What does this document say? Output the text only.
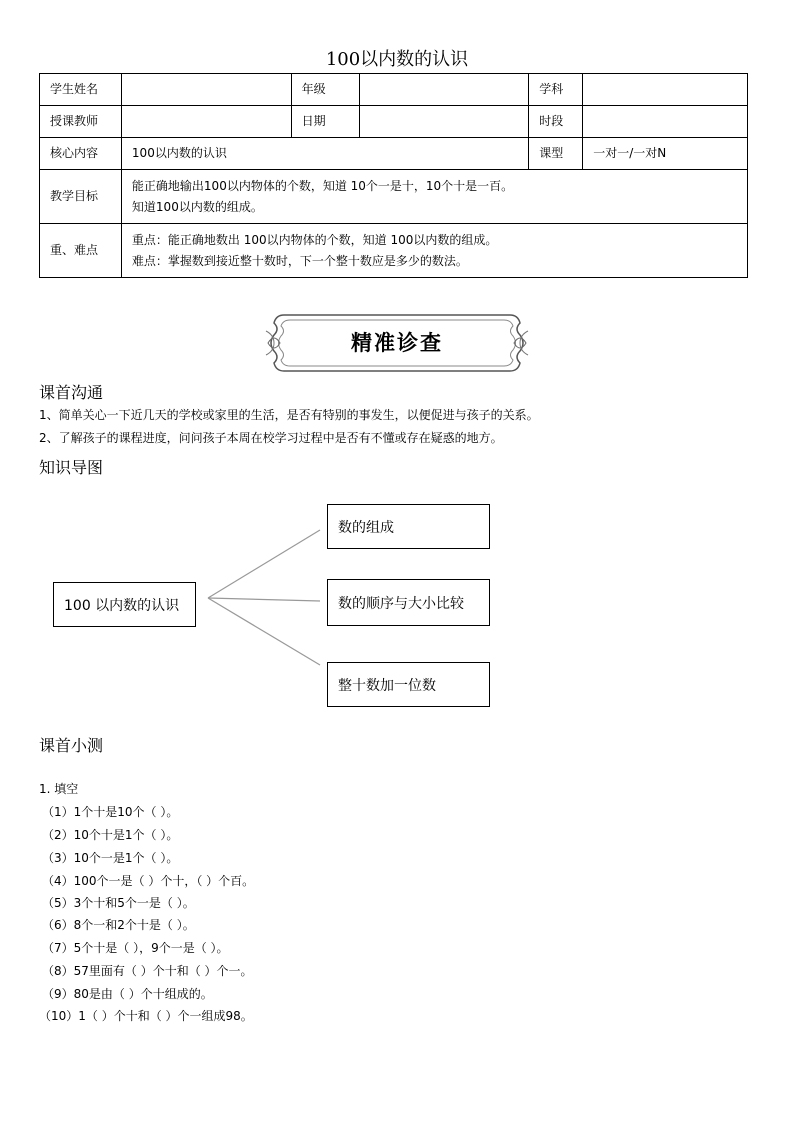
100以内数的认识
学生姓名		年级		学科	
授课教师		日期		时段	
核心内容	100以内数的认识			课型	一对一/一对N
教学目标	能正确地输出100以内物体的个数，知道 10个一是十，10个十是一百。
知道100以内数的组成。				

重、难点	重点：能正确地数出 100以内物体的个数，知道 100以内数的组成。
难点：掌握数到接近整十数时，下一个整十数应是多少的数法。				
精准诊查
课首沟通
1、简单关心一下近几天的学校或家里的生活，是否有特别的事发生，以便促进与孩子的关系。
2、了解孩子的课程进度，问问孩子本周在校学习过程中是否有不懂或存在疑惑的地方。
知识导图
100 以内数的认识
数的组成
数的顺序与大小比较
整十数加一位数
课首小测
1. 填空
（1）1个十是10个（ ）。
（2）10个十是1个（ ）。
（3）10个一是1个（ ）。
（4）100个一是（ ）个十，（ ）个百。
（5）3个十和5个一是（ ）。
（6）8个一和2个十是（ ）。
（7）5个十是（ ），9个一是（ ）。
（8）57里面有（ ）个十和（ ）个一。
（9）80是由（ ）个十组成的。
（10）1（ ）个十和（ ）个一组成98。
